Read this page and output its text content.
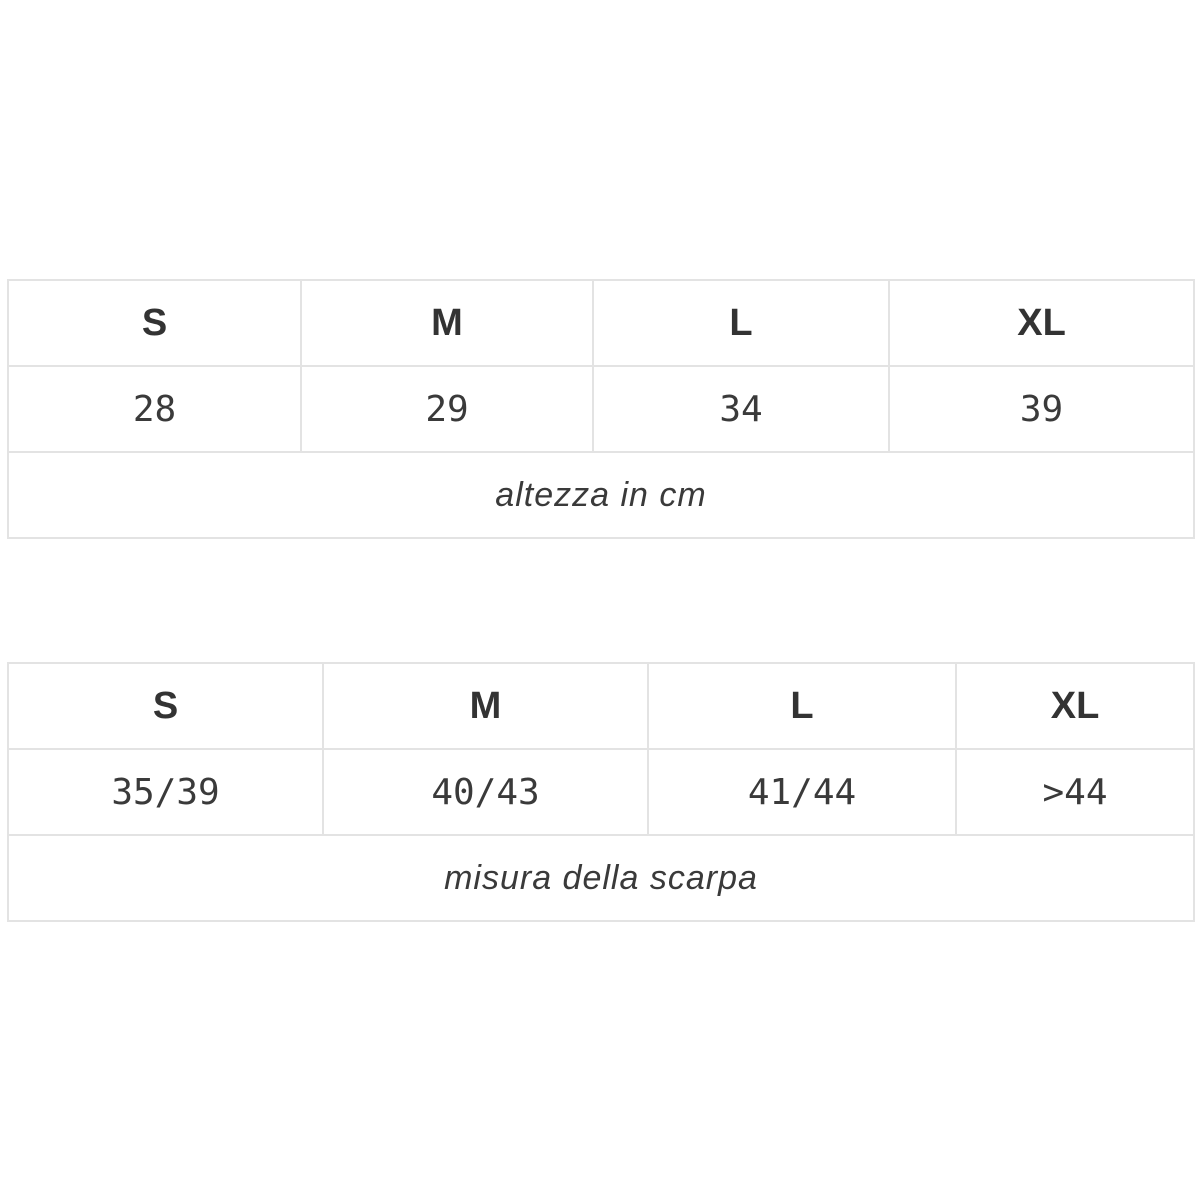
S	M	L	XL
28	29	34	39
altezza in cm			
S	M	L	XL
35/39	40/43	41/44	>44
misura della scarpa			
